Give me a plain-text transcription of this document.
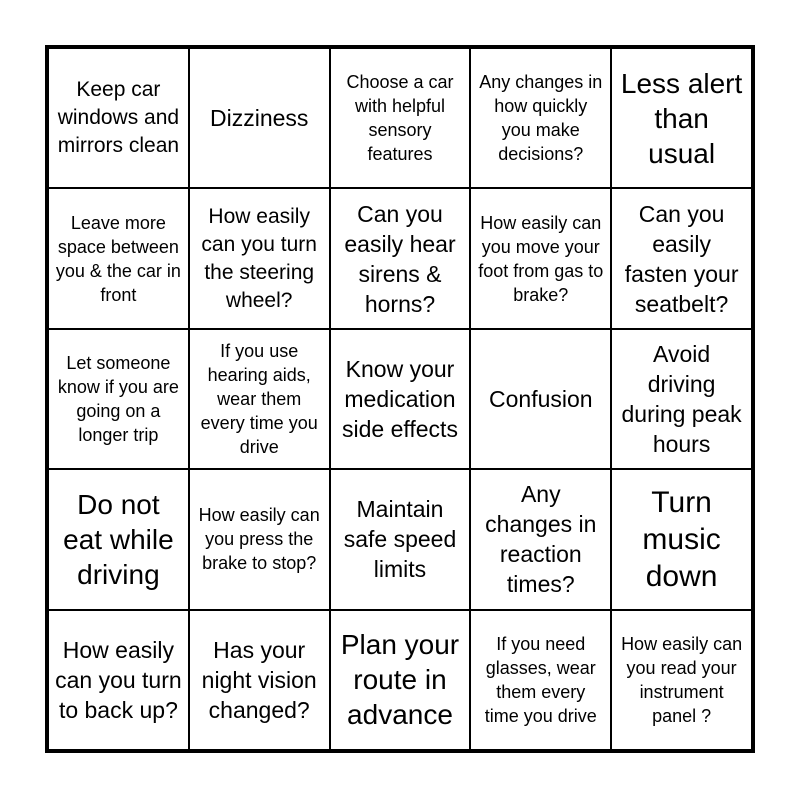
Keep car windows and mirrors clean
Dizziness
Choose a car with helpful sensory features
Any changes in how quickly you make decisions?
Less alert than usual
Leave more space between you & the car in front
How easily can you turn the steering wheel?
Can you easily hear sirens & horns?
How easily can you move your foot from gas to brake?
Can you easily fasten your seatbelt?
Let someone know if you are going on a longer trip
If you use hearing aids, wear them every time you drive
Know your medication side effects
Confusion
Avoid driving during peak hours
Do not eat while driving
How easily can you press the brake to stop?
Maintain safe speed limits
Any changes in reaction times?
Turn music down
How easily can you turn to back up?
Has your night vision changed?
Plan your route in advance
If you need glasses, wear them every time you drive
How easily can you read your instrument panel ?
